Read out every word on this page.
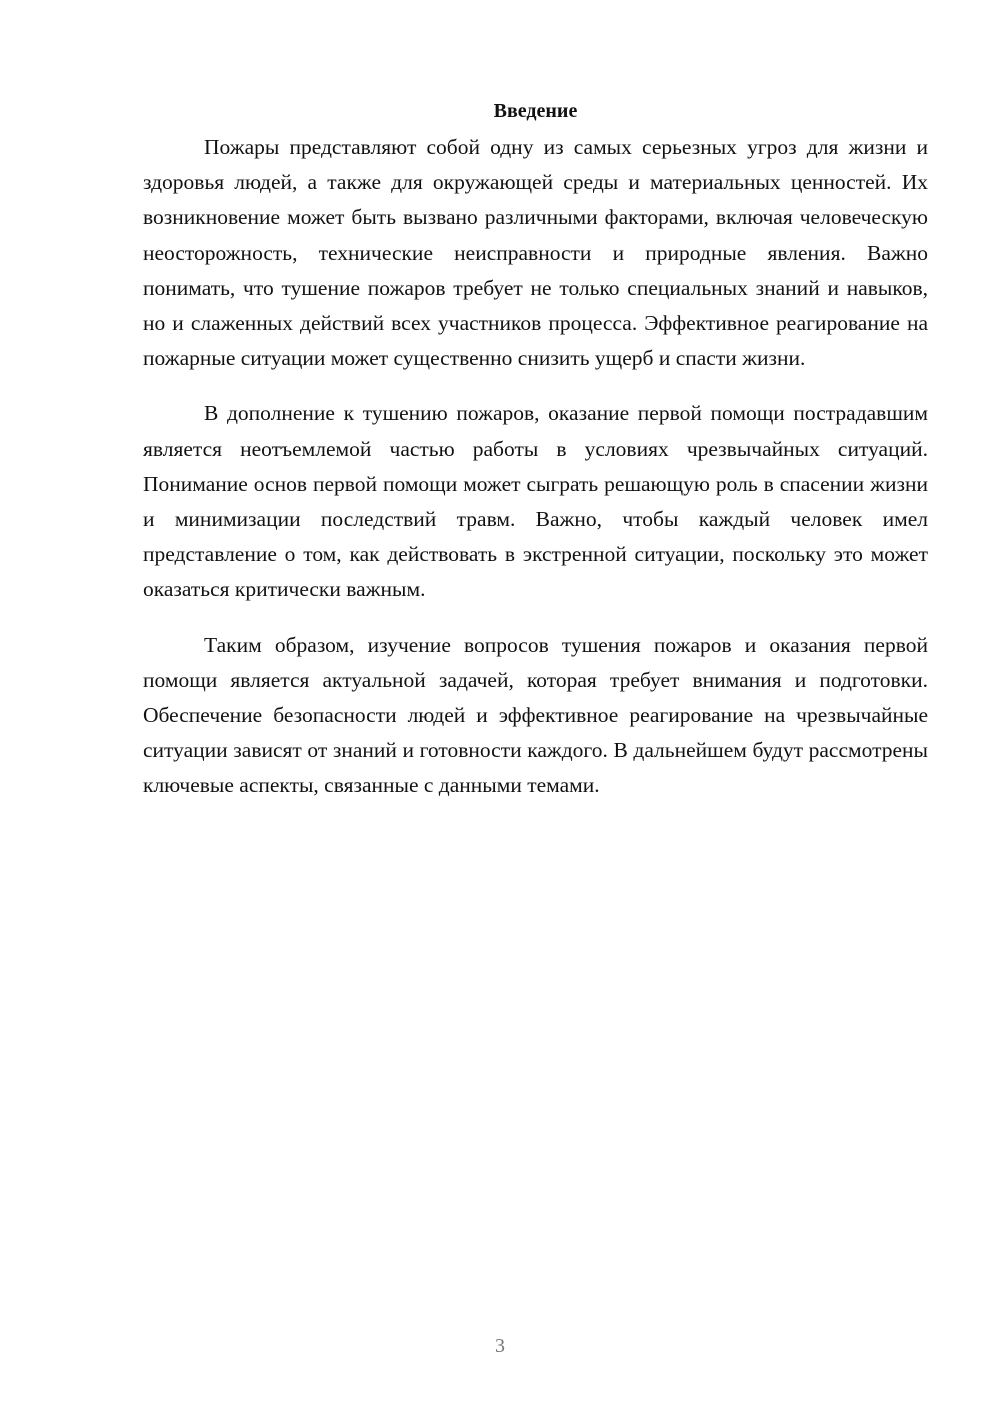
Введение

Пожары представляют собой одну из самых серьезных угроз для жизни и здоровья людей, а также для окружающей среды и материальных ценностей. Их возникновение может быть вызвано различными факторами, включая человеческую неосторожность, технические неисправности и природные явления. Важно понимать, что тушение пожаров требует не только специальных знаний и навыков, но и слаженных действий всех участников процесса. Эффективное реагирование на пожарные ситуации может существенно снизить ущерб и спасти жизни.

В дополнение к тушению пожаров, оказание первой помощи пострадавшим является неотъемлемой частью работы в условиях чрезвычайных ситуаций. Понимание основ первой помощи может сыграть решающую роль в спасении жизни и минимизации последствий травм. Важно, чтобы каждый человек имел представление о том, как действовать в экстренной ситуации, поскольку это может оказаться критически важным.

Таким образом, изучение вопросов тушения пожаров и оказания первой помощи является актуальной задачей, которая требует внимания и подготовки. Обеспечение безопасности людей и эффективное реагирование на чрезвычайные ситуации зависят от знаний и готовности каждого. В дальнейшем будут рассмотрены ключевые аспекты, связанные с данными темами.

3
